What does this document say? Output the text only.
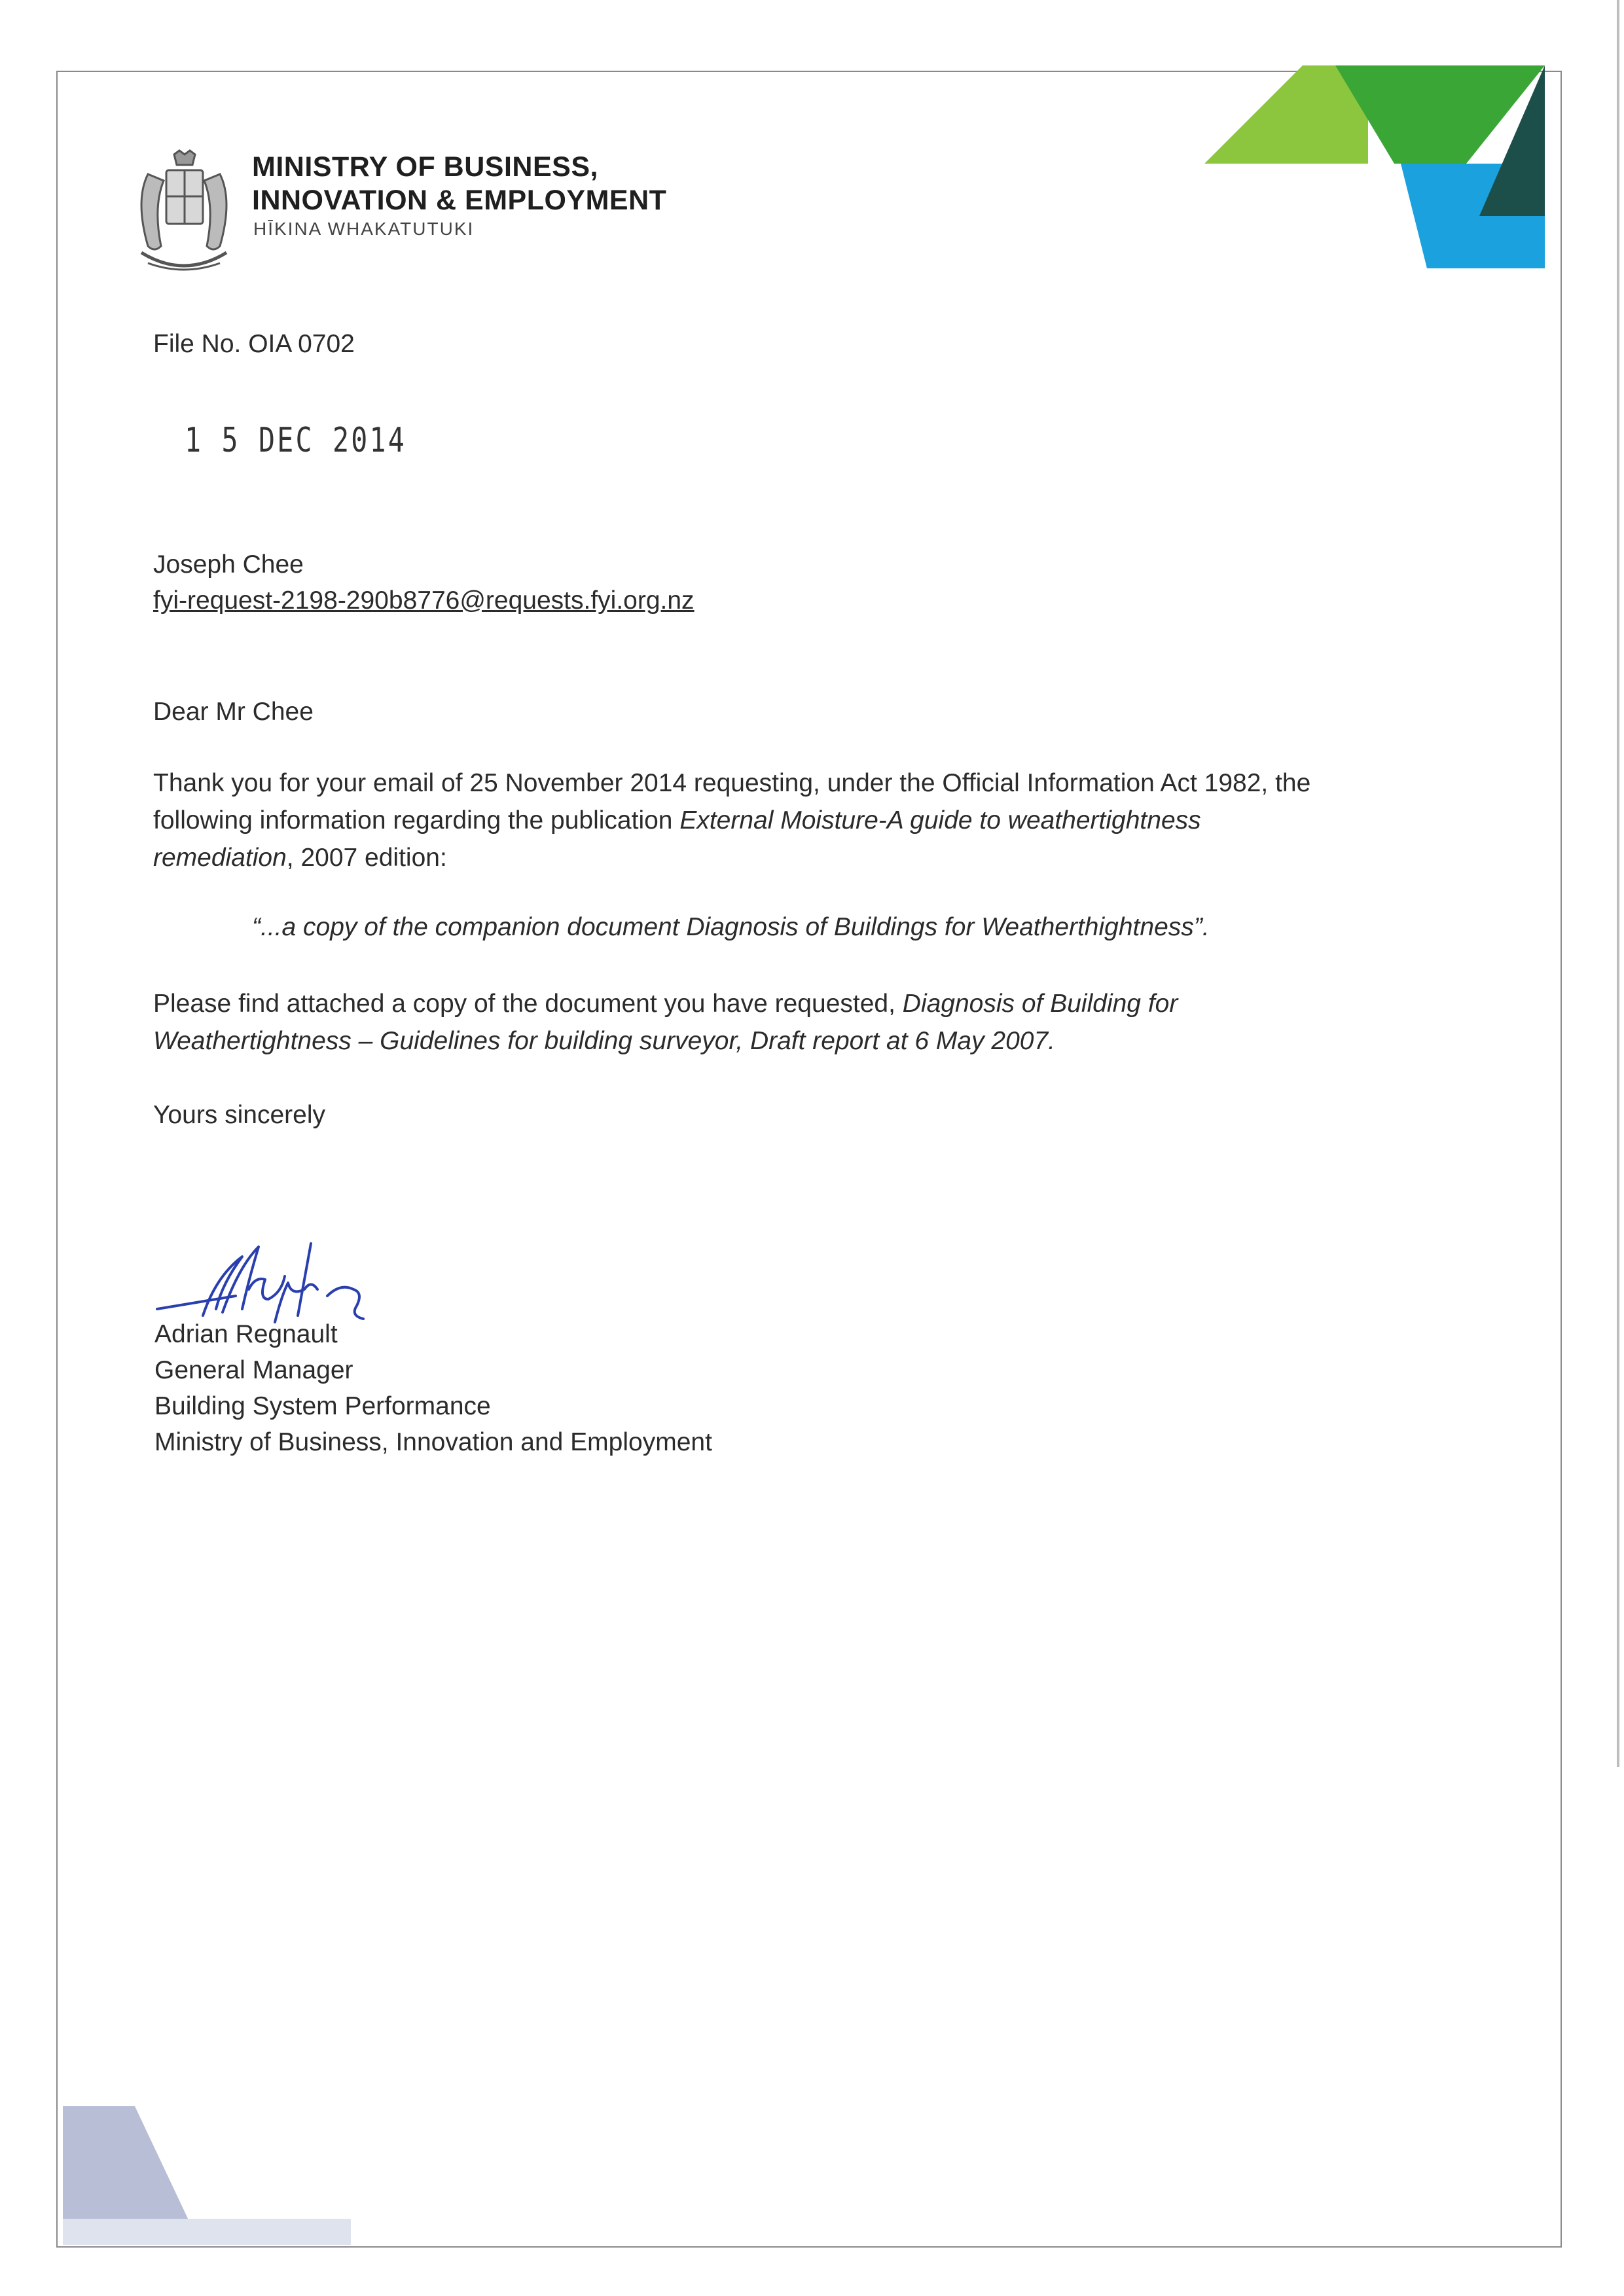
MINISTRY OF BUSINESS,
INNOVATION & EMPLOYMENT
HĪKINA WHAKATUTUKI
File No. OIA 0702
1 5 DEC 2014
Joseph Chee
fyi-request-2198-290b8776@requests.fyi.org.nz
Dear Mr Chee
Thank you for your email of 25 November 2014 requesting, under the Official Information Act 1982, the
following information regarding the publication External Moisture-A guide to weathertightness
remediation, 2007 edition:
“...a copy of the companion document Diagnosis of Buildings for Weatherthightness”.
Please find attached a copy of the document you have requested, Diagnosis of Building for
Weathertightness – Guidelines for building surveyor, Draft report at 6 May 2007.
Yours sincerely
Adrian Regnault
General Manager
Building System Performance
Ministry of Business, Innovation and Employment
